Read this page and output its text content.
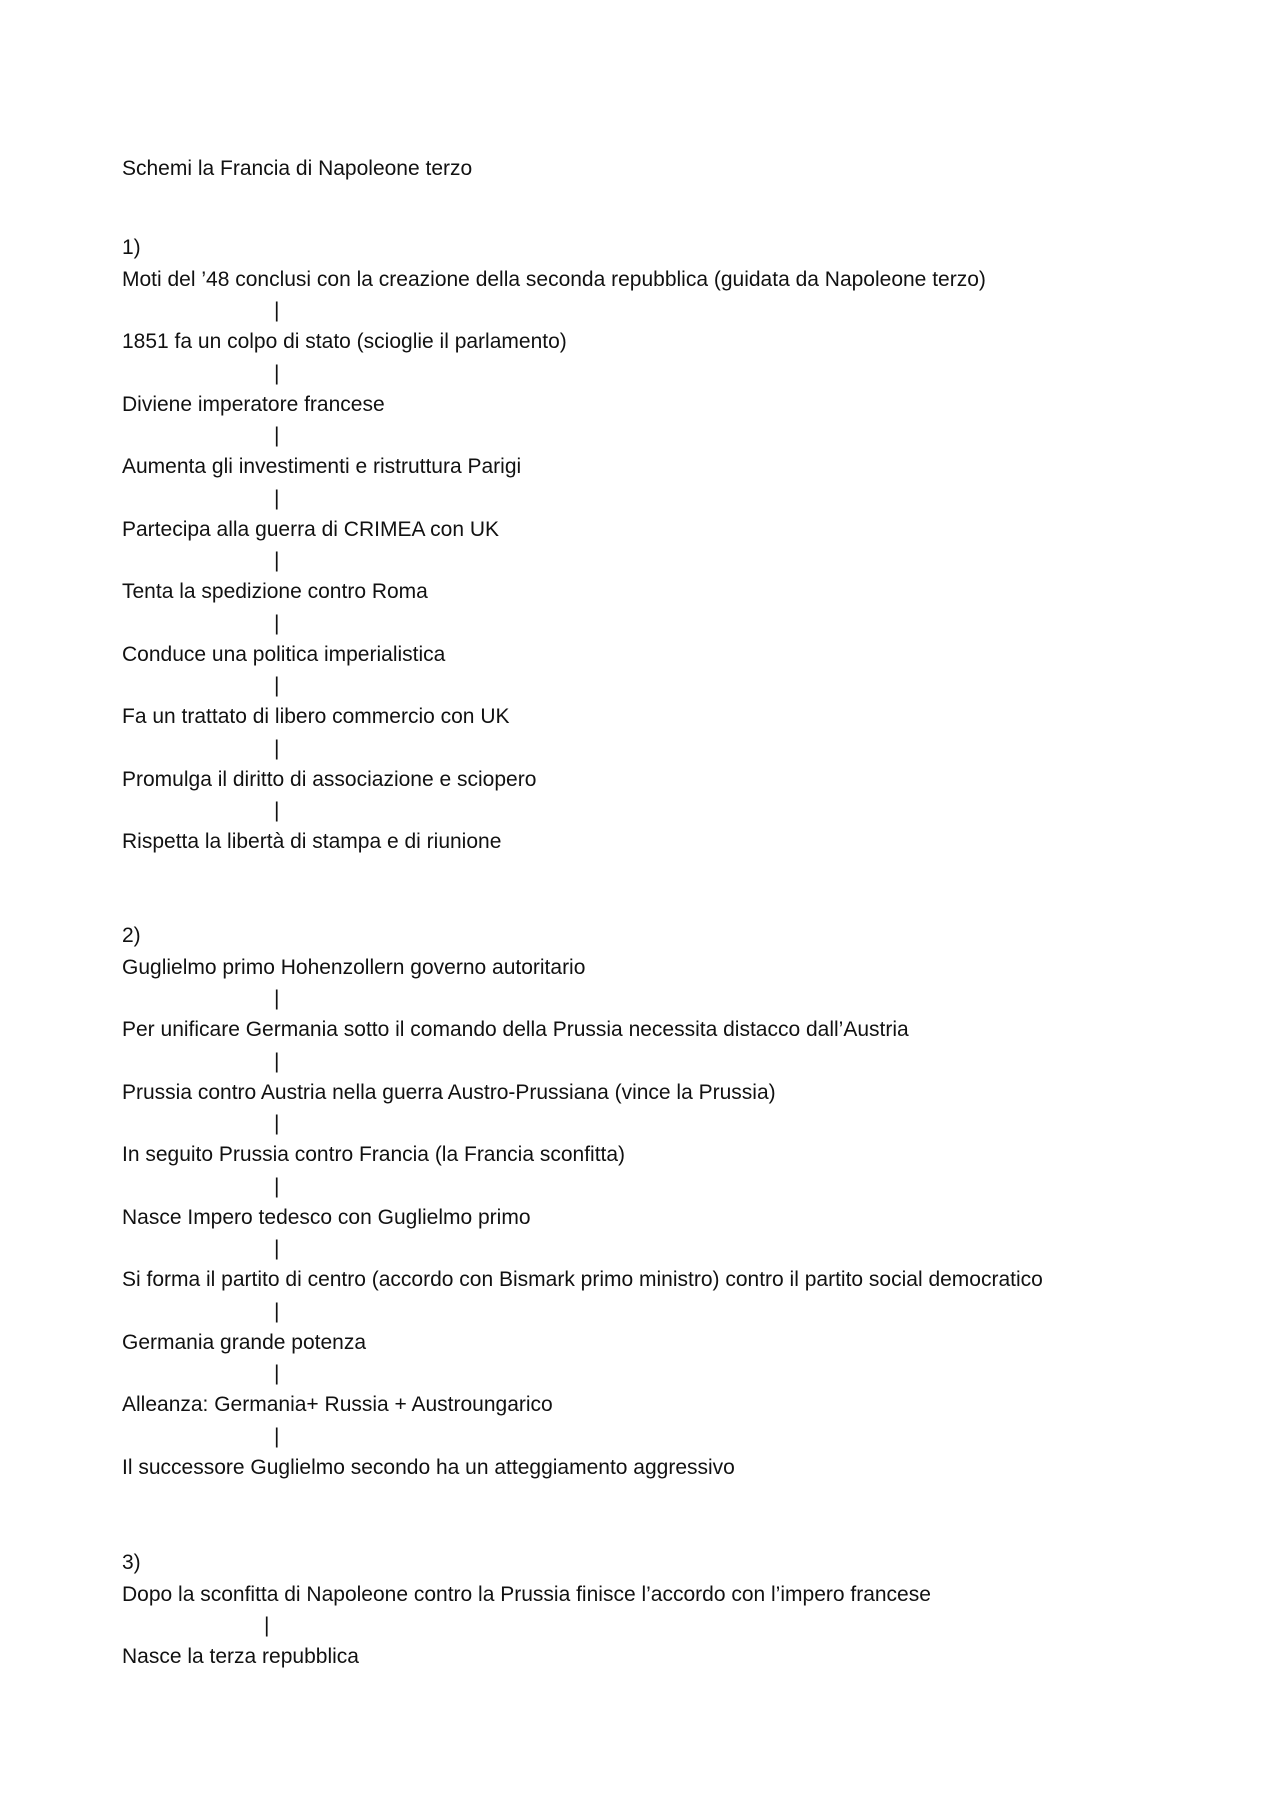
Schemi la Francia di Napoleone terzo
1)
Moti del ’48 conclusi con la creazione della seconda repubblica (guidata da Napoleone terzo)
|
1851 fa un colpo di stato (scioglie il parlamento)
|
Diviene imperatore francese
|
Aumenta gli investimenti e ristruttura Parigi
|
Partecipa alla guerra di CRIMEA con UK
|
Tenta la spedizione contro Roma
|
Conduce una politica imperialistica
|
Fa un trattato di libero commercio con UK
|
Promulga il diritto di associazione e sciopero
|
Rispetta la libertà di stampa e di riunione
2)
Guglielmo primo Hohenzollern governo autoritario
|
Per unificare Germania sotto il comando della Prussia necessita distacco dall’Austria
|
Prussia contro Austria nella guerra Austro-Prussiana (vince la Prussia)
|
In seguito Prussia contro Francia (la Francia sconfitta)
|
Nasce Impero tedesco con Guglielmo primo
|
Si forma il partito di centro (accordo con Bismark primo ministro) contro il partito social democratico
|
Germania grande potenza
|
Alleanza: Germania+ Russia + Austroungarico
|
Il successore Guglielmo secondo ha un atteggiamento aggressivo
3)
Dopo la sconfitta di Napoleone contro la Prussia finisce l’accordo con l’impero francese
|
Nasce la terza repubblica
